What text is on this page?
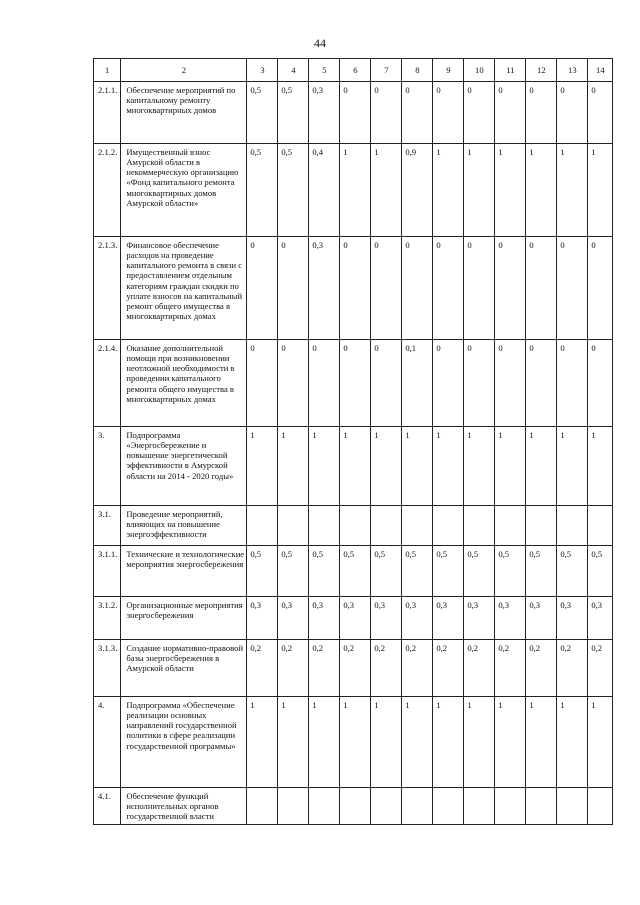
44
1	2	3	4	5	6	7	8	9	10	11	12	13	14
2.1.1.	Обеспечение мероприятий по капитальному ремонту многоквартирных домов	0,5	0,5	0,3	0	0	0	0	0	0	0	0	0
2.1.2.	Имущественный взнос Амурской области в некоммерческую организацию «Фонд капитального ремонта многоквартирных домов Амурской области»	0,5	0,5	0,4	1	1	0,9	1	1	1	1	1	1
2.1.3.	Финансовое обеспечение расходов на проведение капитального ремонта в связи с предоставлением отдельным категориям граждан скидки по уплате взносов на капитальный ремонт общего имущества в многоквартирных домах	0	0	0,3	0	0	0	0	0	0	0	0	0
2.1.4.	Оказание дополнительной помощи при возникновении неотложной необходимости в проведении капитального ремонта общего имущества в многоквартирных домах	0	0	0	0	0	0,1	0	0	0	0	0	0
3.	Подпрограмма «Энергосбережение и повышение энергетической эффективности в Амурской области на 2014 - 2020 годы»	1	1	1	1	1	1	1	1	1	1	1	1
3.1.	Проведение мероприятий, влияющих на повышение энергоэффективности												
3.1.1.	Технические и технологические мероприятия энергосбережения	0,5	0,5	0,5	0,5	0,5	0,5	0,5	0,5	0,5	0,5	0,5	0,5
3.1.2.	Организационные мероприятия энергосбережения	0,3	0,3	0,3	0,3	0,3	0,3	0,3	0,3	0,3	0,3	0,3	0,3
3.1.3.	Создание нормативно-правовой базы энергосбережения в Амурской области	0,2	0,2	0,2	0,2	0,2	0,2	0,2	0,2	0,2	0,2	0,2	0,2
4.	Подпрограмма «Обеспечение реализации основных направлений государственной политики в сфере реализации государственной программы»	1	1	1	1	1	1	1	1	1	1	1	1
4.1.	Обеспечение функций исполнительных органов государственной власти												
